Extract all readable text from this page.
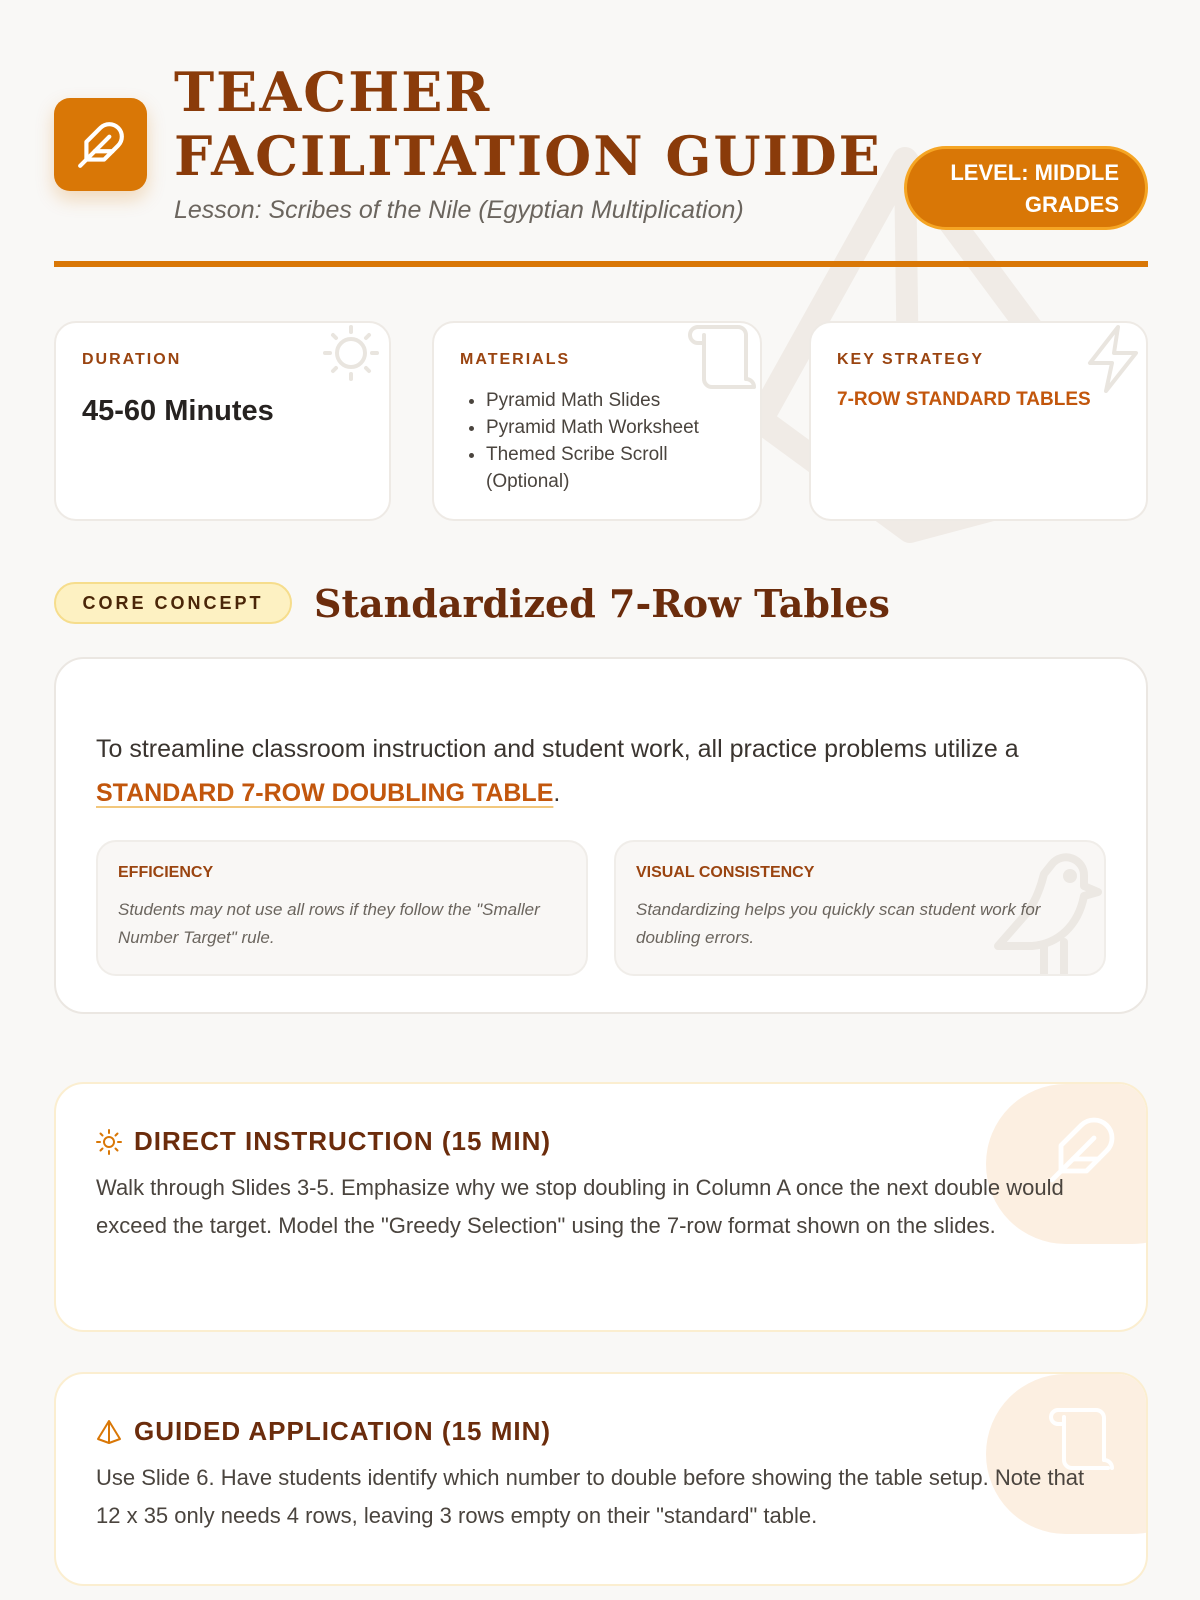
TEACHER
FACILITATION GUIDE
Lesson: Scribes of the Nile (Egyptian Multiplication)
LEVEL: MIDDLE GRADES
DURATION
45-60 Minutes
MATERIALS
• Pyramid Math Slides
• Pyramid Math Worksheet
• Themed Scribe Scroll (Optional)
KEY STRATEGY
7-ROW STANDARD TABLES
CORE CONCEPT	Standardized 7-Row Tables
To streamline classroom instruction and student work, all practice problems utilize a STANDARD 7-ROW DOUBLING TABLE.
EFFICIENCY
Students may not use all rows if they follow the "Smaller Number Target" rule.
VISUAL CONSISTENCY
Standardizing helps you quickly scan student work for doubling errors.
DIRECT INSTRUCTION (15 MIN)
Walk through Slides 3-5. Emphasize why we stop doubling in Column A once the next double would exceed the target. Model the "Greedy Selection" using the 7-row format shown on the slides.
GUIDED APPLICATION (15 MIN)
Use Slide 6. Have students identify which number to double before showing the table setup. Note that 12 x 35 only needs 4 rows, leaving 3 rows empty on their "standard" table.
